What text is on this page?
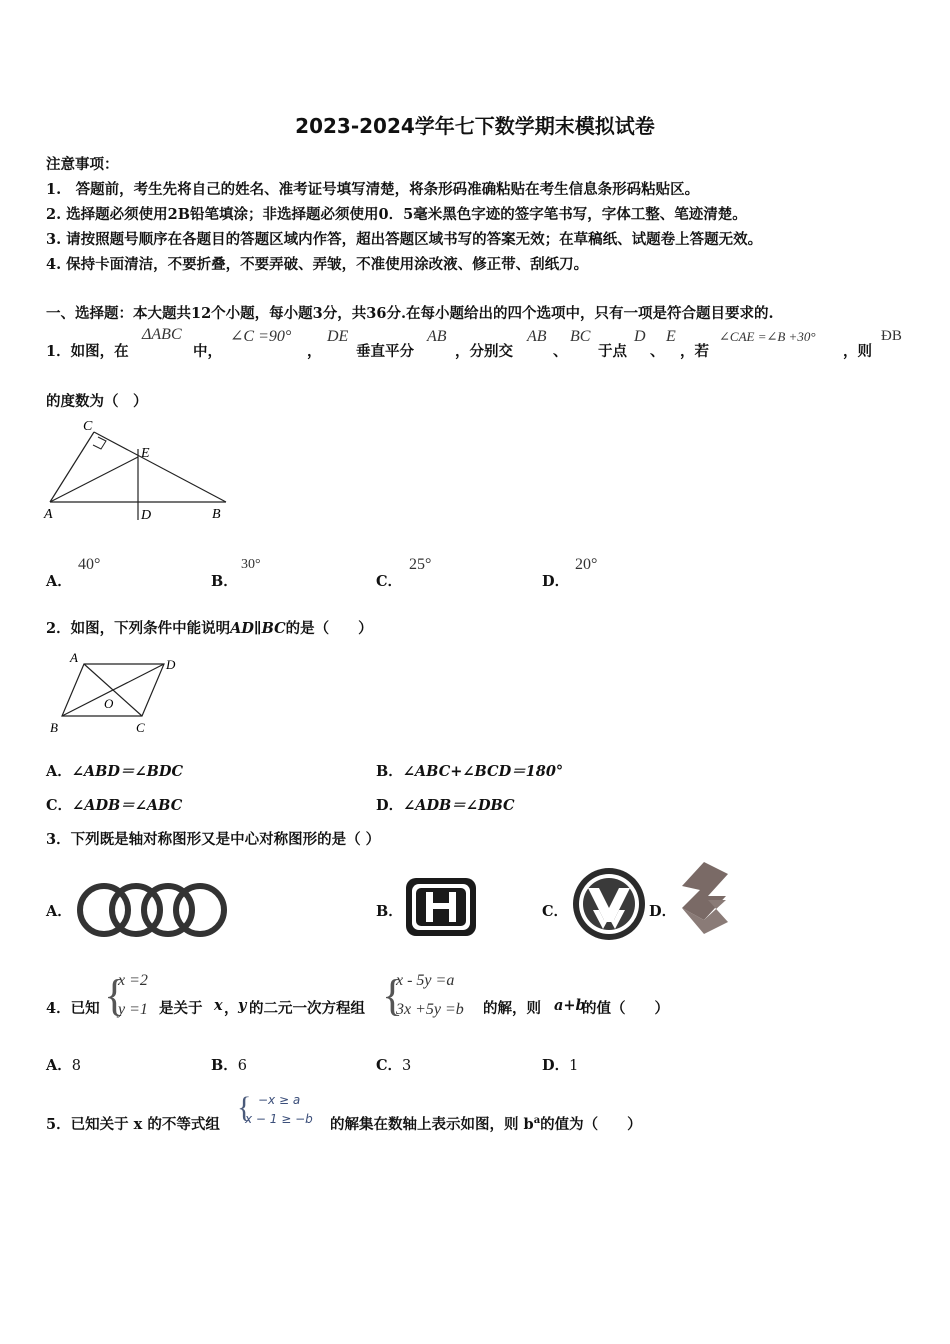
2023-2024学年七下数学期末模拟试卷
注意事项：
1.　答题前，考生先将自己的姓名、准考证号填写清楚，将条形码准确粘贴在考生信息条形码粘贴区。
2. 选择题必须使用2B铅笔填涂；非选择题必须使用0．5毫米黑色字迹的签字笔书写，字体工整、笔迹清楚。
3. 请按照题号顺序在各题目的答题区域内作答，超出答题区域书写的答案无效；在草稿纸、试题卷上答题无效。
4. 保持卡面清洁，不要折叠，不要弄破、弄皱，不准使用涂改液、修正带、刮纸刀。
一、选择题：本大题共12个小题，每小题3分，共36分.在每小题给出的四个选项中，只有一项是符合题目要求的.
1．如图，在
ΔABC
中，
∠C =90°
，
DE
垂直平分
AB
，分别交
AB
、
BC
于点
D
、
E
，若
∠CAE =∠B +30°
，则
ÐB
的度数为（　）
C
E
A	D	B
A．
40°
B．
30°
C．
25°
D．
20°
2．如图，下列条件中能说明AD∥BC的是（　　）
A	D
O
B	C
A．∠ABD＝∠BDC	B．∠ABC+∠BCD＝180°
C．∠ADB＝∠ABC	D．∠ADB＝∠DBC
3．下列既是轴对称图形又是中心对称图形的是（ ）
A．	B．	C．	D．
4．已知 {
x =2
y =1 是关于 x ， y 的二元一次方程组 {
x - 5y =a
3x +5y =b 的解，则 a+b
的值（　　）
A．8	B．6	C．3	D．1
5．已知关于 x 的不等式组
{ −x ≥ a
x − 1 ≥ −b 的解集在数轴上表示如图，则 $b^a$的值为（　　）
